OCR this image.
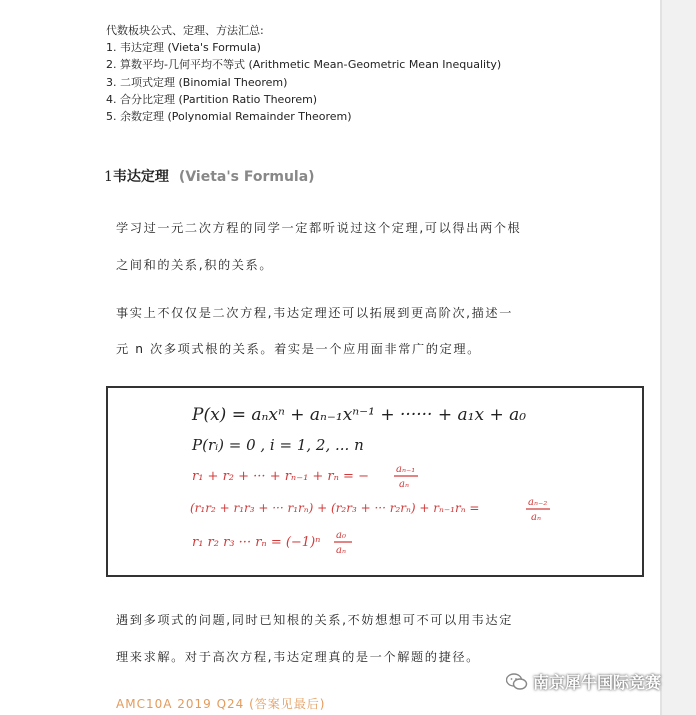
代数板块公式、定理、方法汇总:
1. 韦达定理 (Vieta's Formula)
2. 算数平均-几何平均不等式 (Arithmetic Mean-Geometric Mean Inequality)
3. 二项式定理 (Binomial Theorem)
4. 合分比定理 (Partition Ratio Theorem)
5. 余数定理 (Polynomial Remainder Theorem)
1韦达定理 (Vieta's Formula)
学习过一元二次方程的同学一定都听说过这个定理,可以得出两个根
之间和的关系,积的关系。
事实上不仅仅是二次方程,韦达定理还可以拓展到更高阶次,描述一
元 n 次多项式根的关系。着实是一个应用面非常广的定理。
P(x) = aₙxⁿ + aₙ₋₁xⁿ⁻¹ + ······ + a₁x + a₀
P(rᵢ) = 0 , i = 1, 2, ... n
r₁ + r₂ + ··· + rₙ₋₁ + rₙ = −	aₙ₋₁
aₙ
(r₁r₂ + r₁r₃ + ··· r₁rₙ) + (r₂r₃ + ··· r₂rₙ) + rₙ₋₁rₙ =	aₙ₋₂
aₙ
r₁ r₂ r₃ ··· rₙ = (−1)ⁿ a₀
aₙ
遇到多项式的问题,同时已知根的关系,不妨想想可不可以用韦达定
理来求解。对于高次方程,韦达定理真的是一个解题的捷径。
AMC10A 2019 Q24 (答案见最后)
南京犀牛国际竞赛
